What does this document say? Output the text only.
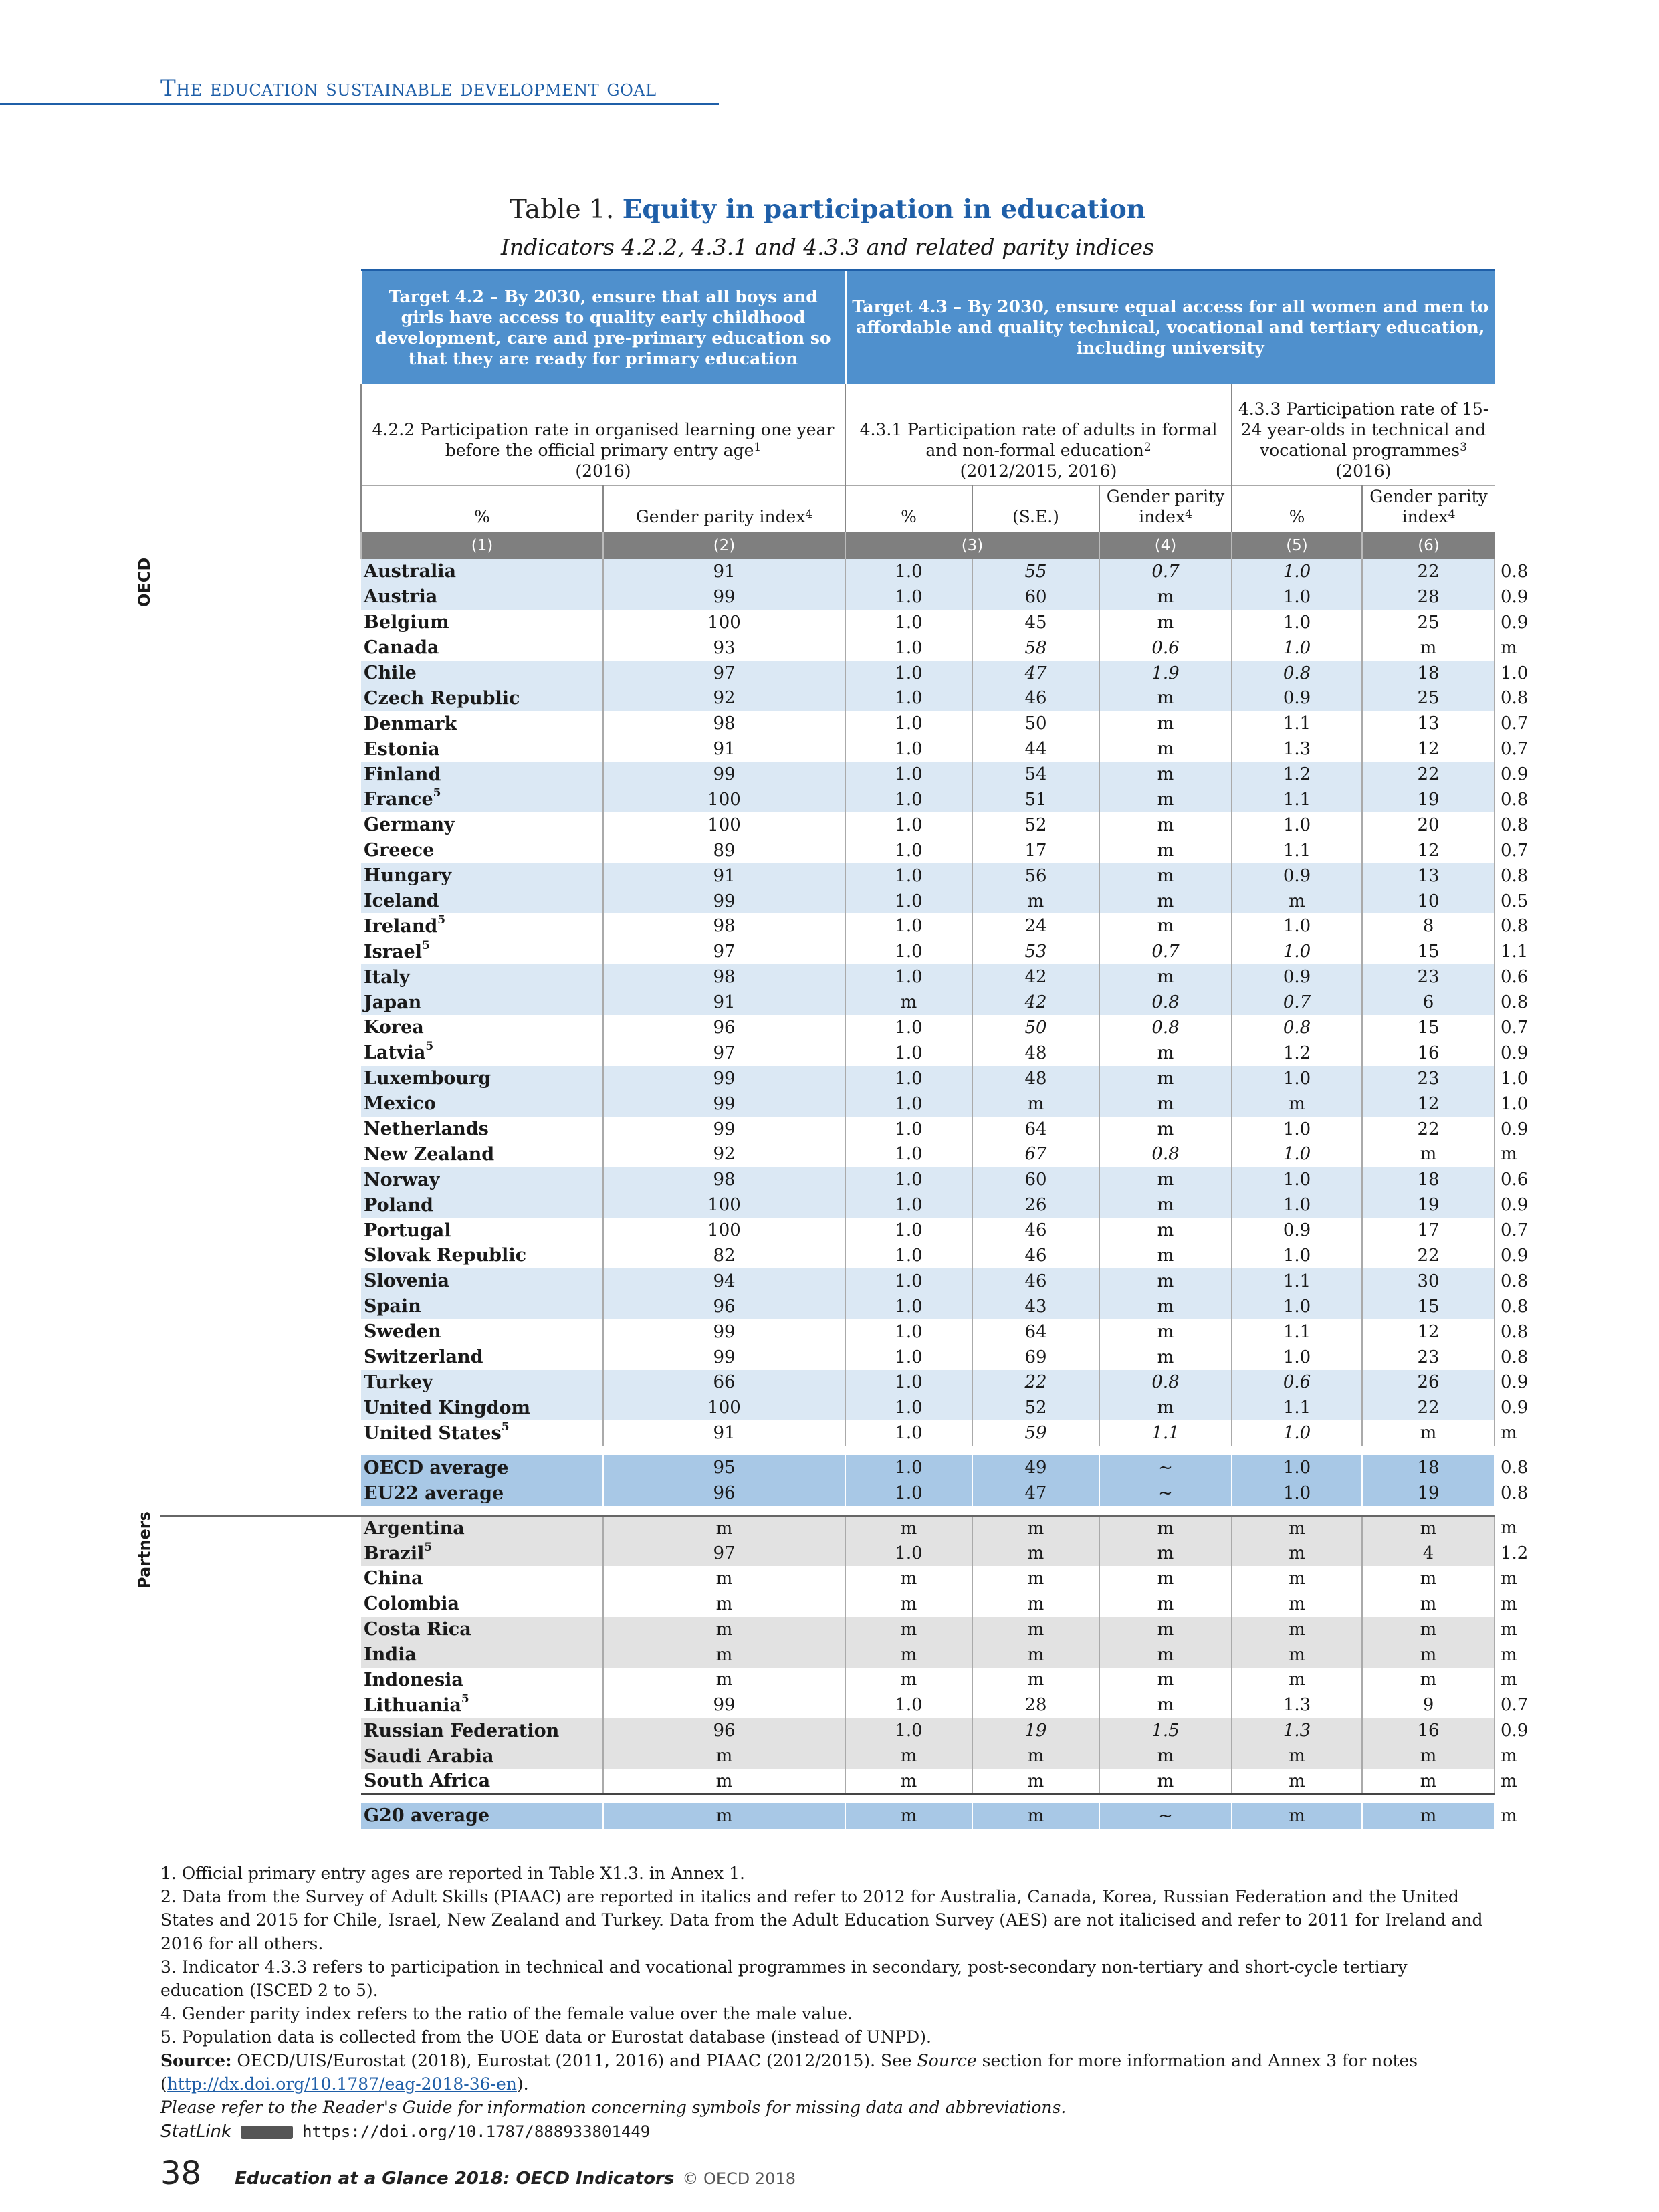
The education sustainable development goal
Table 1. Equity in participation in education
Indicators 4.2.2, 4.3.1 and 4.3.3 and related parity indices

	Target 4.2 – By 2030, ensure that all boys and girls have access to quality early childhood development, care and pre-primary education so that they are ready for primary education		Target 4.3 – By 2030, ensure equal access for all women and men to affordable and quality technical, vocational and tertiary education, including university					
	4.2.2 Participation rate in organised learning one year before the official primary entry age$^1$
(2016)		4.3.1 Participation rate of adults in formal and non-formal education$^2$
(2012/2015, 2016)			4.3.3 Participation rate of 15-24 year-olds in technical and vocational programmes$^3$
(2016)		
	%	Gender parity index$^4$	%	(S.E.)	Gender parity index$^4$	%	Gender parity index$^4$
	(1)	(2)	(3)		(4)	(5)	(6)	
	Australia	91	1.0	55	0.7	1.0	22	0.8
	Austria	99	1.0	60	m	1.0	28	0.9
	Belgium	100	1.0	45	m	1.0	25	0.9
	Canada	93	1.0	58	0.6	1.0	m	m
	Chile	97	1.0	47	1.9	0.8	18	1.0
	Czech Republic	92	1.0	46	m	0.9	25	0.8
	Denmark	98	1.0	50	m	1.1	13	0.7
	Estonia	91	1.0	44	m	1.3	12	0.7
	Finland	99	1.0	54	m	1.2	22	0.9
	France$^5$	100	1.0	51	m	1.1	19	0.8
	Germany	100	1.0	52	m	1.0	20	0.8
	Greece	89	1.0	17	m	1.1	12	0.7
	Hungary	91	1.0	56	m	0.9	13	0.8
	Iceland	99	1.0	m	m	m	10	0.5
	Ireland$^5$	98	1.0	24	m	1.0	8	0.8
	Israel$^5$	97	1.0	53	0.7	1.0	15	1.1
	Italy	98	1.0	42	m	0.9	23	0.6
	Japan	91	m	42	0.8	0.7	6	0.8
	Korea	96	1.0	50	0.8	0.8	15	0.7
	Latvia$^5$	97	1.0	48	m	1.2	16	0.9
	Luxembourg	99	1.0	48	m	1.0	23	1.0
	Mexico	99	1.0	m	m	m	12	1.0
	Netherlands	99	1.0	64	m	1.0	22	0.9
	New Zealand	92	1.0	67	0.8	1.0	m	m
	Norway	98	1.0	60	m	1.0	18	0.6
	Poland	100	1.0	26	m	1.0	19	0.9
	Portugal	100	1.0	46	m	0.9	17	0.7
	Slovak Republic	82	1.0	46	m	1.0	22	0.9
	Slovenia	94	1.0	46	m	1.1	30	0.8
	Spain	96	1.0	43	m	1.0	15	0.8
	Sweden	99	1.0	64	m	1.1	12	0.8
	Switzerland	99	1.0	69	m	1.0	23	0.8
	Turkey	66	1.0	22	0.8	0.6	26	0.9
	United Kingdom	100	1.0	52	m	1.1	22	0.9
	United States$^5$	91	1.0	59	1.1	1.0	m	m

	OECD average	95	1.0	49	~	1.0	18	0.8
	EU22 average	96	1.0	47	~	1.0	19	0.8

	Argentina	m	m	m	m	m	m	m
	Brazil$^5$	97	1.0	m	m	m	4	1.2
	China	m	m	m	m	m	m	m
	Colombia	m	m	m	m	m	m	m
	Costa Rica	m	m	m	m	m	m	m
	India	m	m	m	m	m	m	m
	Indonesia	m	m	m	m	m	m	m
	Lithuania$^5$	99	1.0	28	m	1.3	9	0.7
	Russian Federation	96	1.0	19	1.5	1.3	16	0.9
	Saudi Arabia	m	m	m	m	m	m	m
	South Africa	m	m	m	m	m	m	m

	G20 average	m	m	m	~	m	m	m
OECD
Partners

1. Official primary entry ages are reported in Table X1.3. in Annex 1.

2. Data from the Survey of Adult Skills (PIAAC) are reported in italics and refer to 2012 for Australia, Canada, Korea, Russian Federation and the United States and 2015 for Chile, Israel, New Zealand and Turkey. Data from the Adult Education Survey (AES) are not italicised and refer to 2011 for Ireland and 2016 for all others.

3. Indicator 4.3.3 refers to participation in technical and vocational programmes in secondary, post-secondary non-tertiary and short-cycle tertiary education (ISCED 2 to 5).

4. Gender parity index refers to the ratio of the female value over the male value.

5. Population data is collected from the UOE data or Eurostat database (instead of UNPD).

Source: OECD/UIS/Eurostat (2018), Eurostat (2011, 2016) and PIAAC (2012/2015). See Source section for more information and Annex 3 for notes (http://dx.doi.org/10.1787/eag-2018-36-en).

Please refer to the Reader's Guide for information concerning symbols for missing data and abbreviations.

StatLink	https://doi.org/10.1787/888933801449
38 Education at a Glance 2018: OECD Indicators © OECD 2018
